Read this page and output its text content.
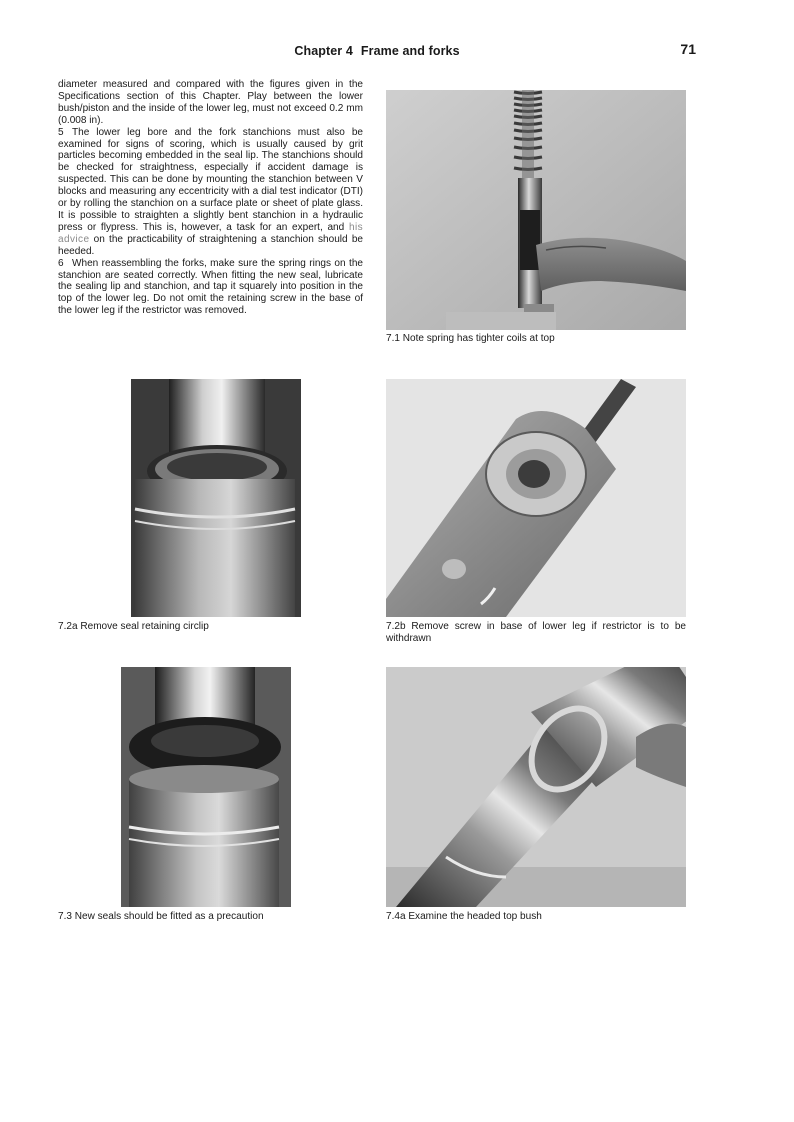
Chapter 4 Frame and forks	71

diameter measured and compared with the figures given in the Specifications section of this Chapter. Play between the lower bush/piston and the inside of the lower leg, must not exceed 0.2 mm (0.008 in).

5 The lower leg bore and the fork stanchions must also be examined for signs of scoring, which is usually caused by grit particles becoming embedded in the seal lip. The stanchions should be checked for straightness, especially if accident damage is suspected. This can be done by mounting the stanchion between V blocks and measuring any eccentricity with a dial test indicator (DTI) or by rolling the stanchion on a surface plate or sheet of plate glass. It is possible to straighten a slightly bent stanchion in a hydraulic press or flypress. This is, however, a task for an expert, and his advice on the practicability of straightening a stanchion should be heeded.

6 When reassembling the forks, make sure the spring rings on the stanchion are seated correctly. When fitting the new seal, lubricate the sealing lip and stanchion, and tap it squarely into position in the top of the lower leg. Do not omit the retaining screw in the base of the lower leg if the restrictor was removed.

7.1 Note spring has tighter coils at top
7.2a Remove seal retaining circlip	7.2b Remove screw in base of lower leg if restrictor is to be withdrawn
7.3 New seals should be fitted as a precaution	7.4a Examine the headed top bush
